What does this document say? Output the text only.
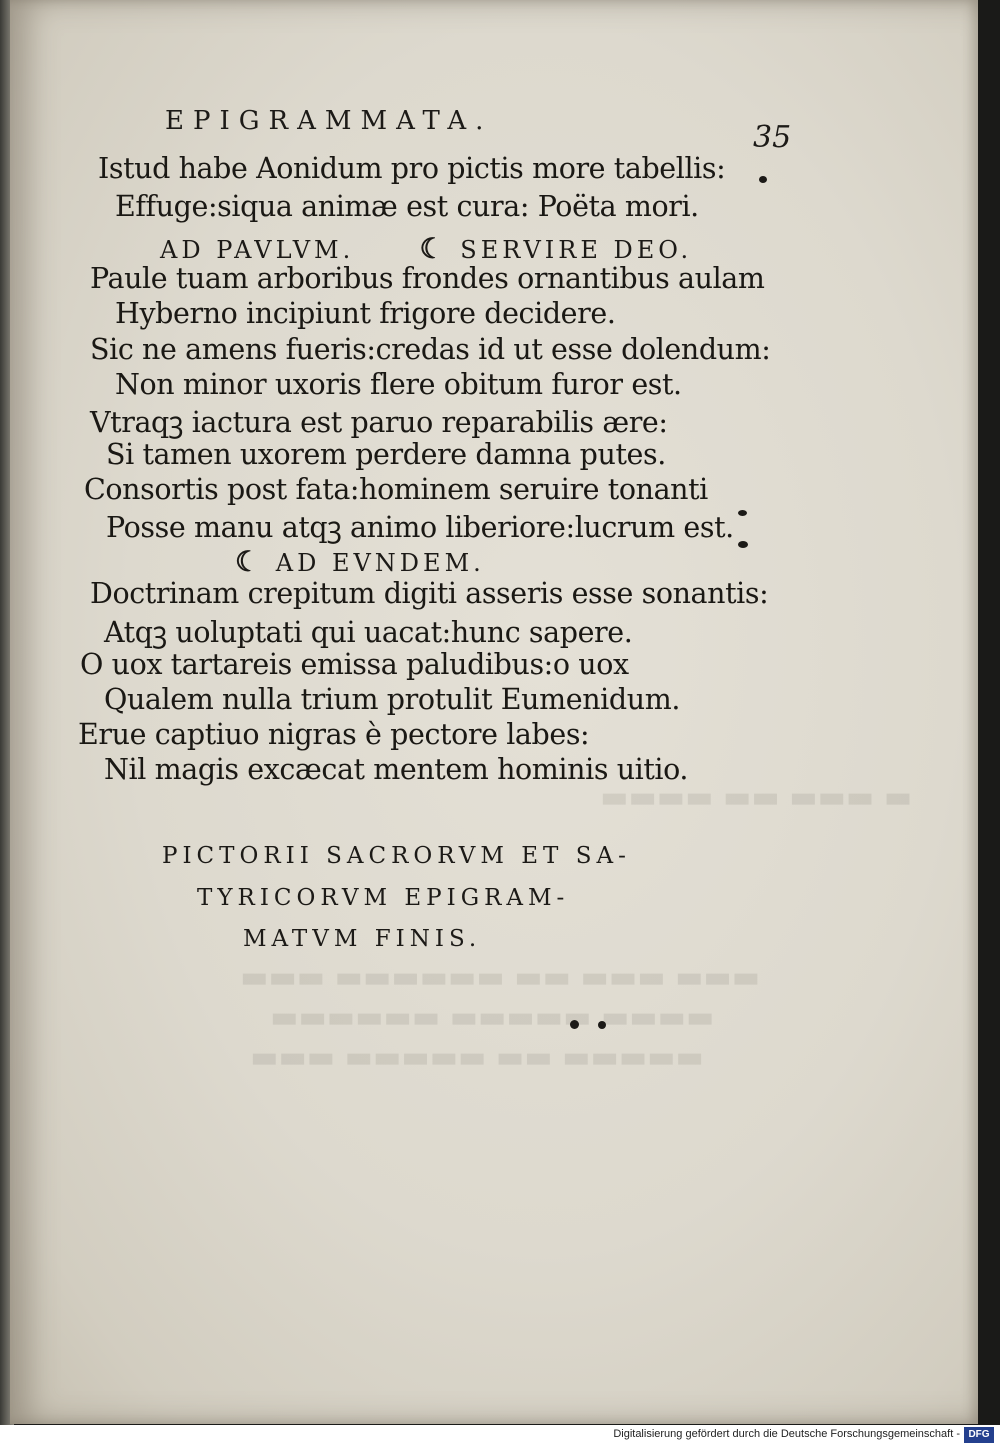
▬ ▬▬▬ ▬▬ ▬▬▬▬
▬▬▬ ▬▬▬ ▬▬ ▬▬▬▬▬▬ ▬▬▬
▬▬▬▬ ▬▬▬▬▬ ▬▬▬▬▬▬
▬▬▬▬▬ ▬▬ ▬▬▬▬▬ ▬▬▬
EPIGRAMMATA.	35
Istud habe Aonidum pro pictis more tabellis:
Effuge:siqua animæ est cura: Poëta mori.
AD PAVLVM. ☾ SERVIRE DEO.
Paule tuam arboribus frondes ornantibus aulam
Hyberno incipiunt frigore decidere.
Sic ne amens fueris:credas id ut esse dolendum:
Non minor uxoris flere obitum furor est.
Vtraqꝫ iactura est paruo reparabilis ære:
Si tamen uxorem perdere damna putes.
Consortis post fata:hominem seruire tonanti
Posse manu atqꝫ animo liberiore:lucrum est.
☾ AD EVNDEM.
Doctrinam crepitum digiti asseris esse sonantis:
Atqꝫ uoluptati qui uacat:hunc sapere.
O uox tartareis emissa paludibus:o uox
Qualem nulla trium protulit Eumenidum.
Erue captiuo nigras è pectore labes:
Nil magis excæcat mentem hominis uitio.
PICTORII SACRORVM ET SA-
TYRICORVM EPIGRAM-
MATVM FINIS.
Digitalisierung gefördert durch die Deutsche Forschungsgemeinschaft - DFG
